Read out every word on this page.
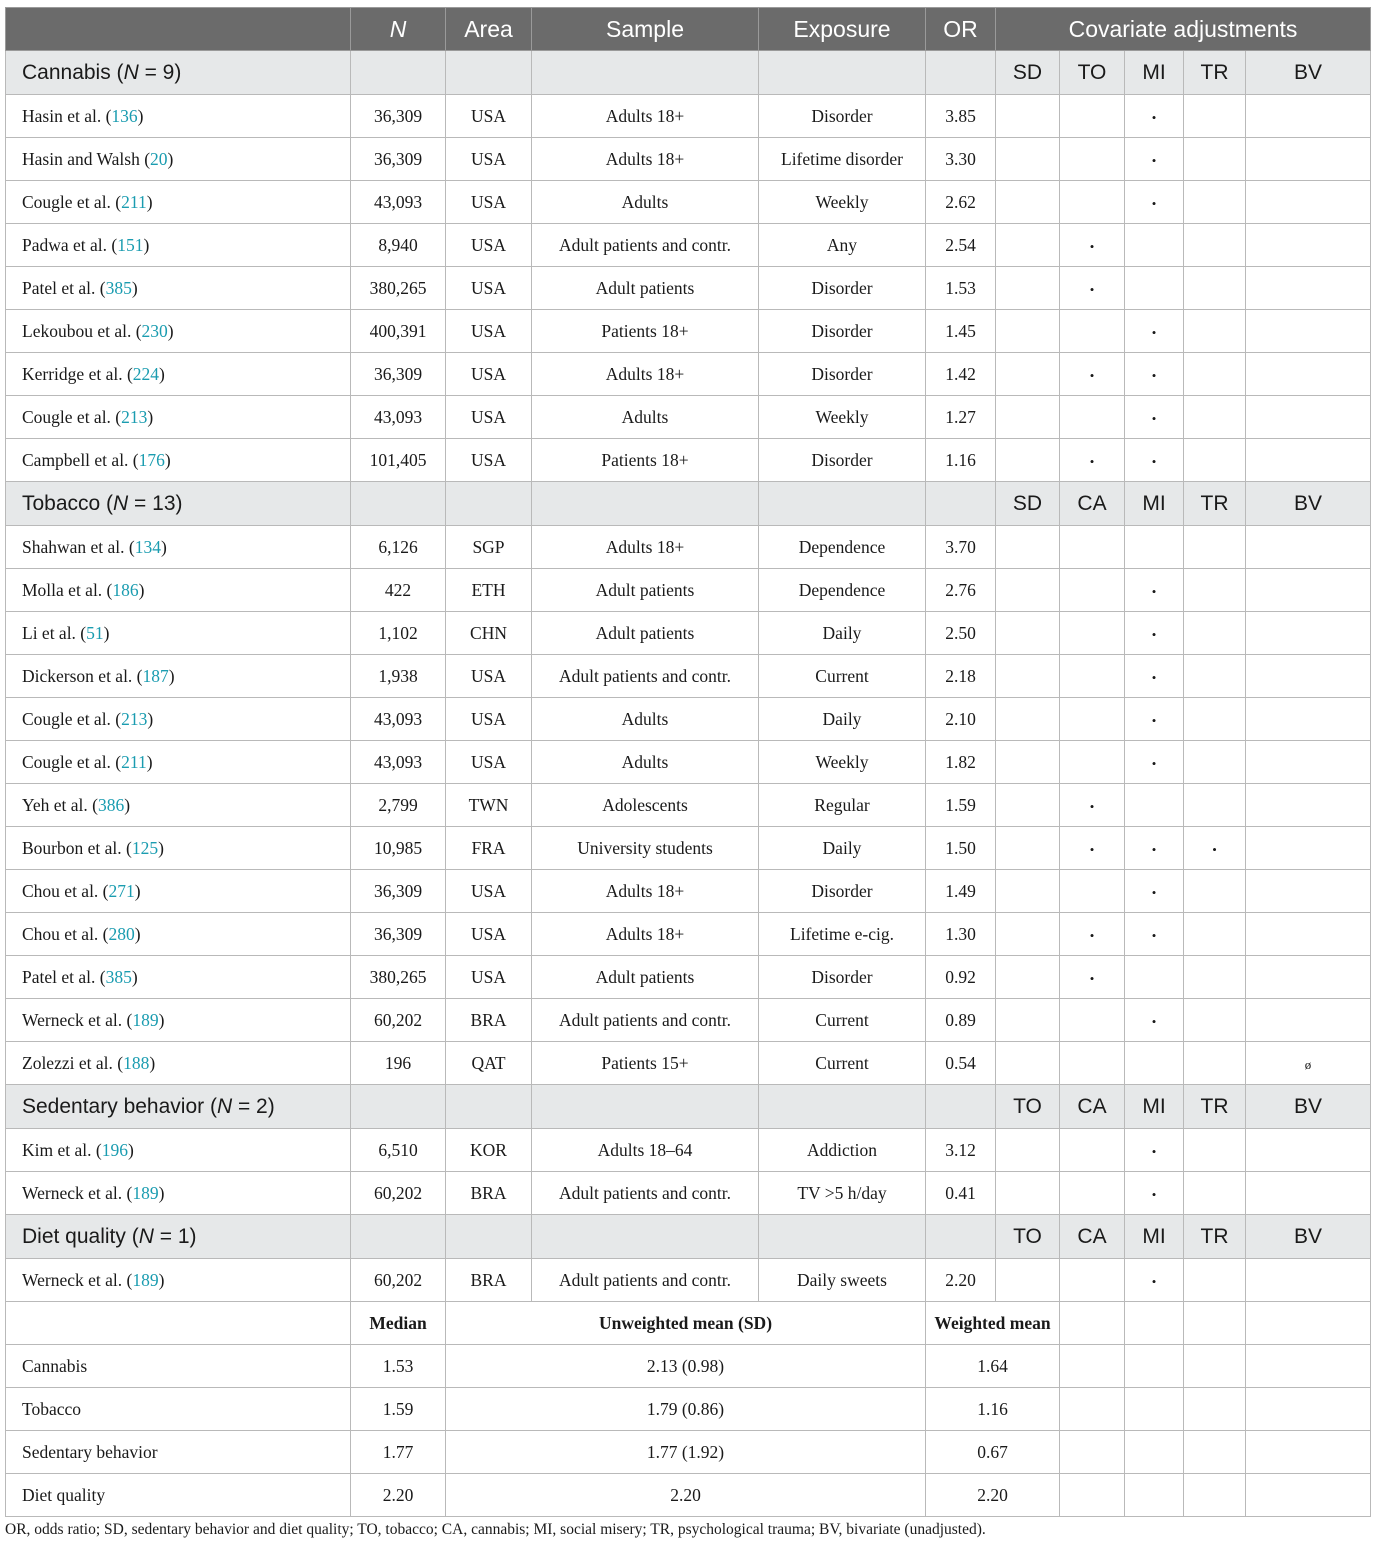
	N	Area	Sample	Exposure	OR	Covariate adjustments				
Cannabis (N = 9)						SD	TO	MI	TR	BV
Hasin et al. (136)	36,309	USA	Adults 18+	Disorder	3.85			•		
Hasin and Walsh (20)	36,309	USA	Adults 18+	Lifetime disorder	3.30			•		
Cougle et al. (211)	43,093	USA	Adults	Weekly	2.62			•		
Padwa et al. (151)	8,940	USA	Adult patients and contr.	Any	2.54		•			
Patel et al. (385)	380,265	USA	Adult patients	Disorder	1.53		•			
Lekoubou et al. (230)	400,391	USA	Patients 18+	Disorder	1.45			•		
Kerridge et al. (224)	36,309	USA	Adults 18+	Disorder	1.42		•	•		
Cougle et al. (213)	43,093	USA	Adults	Weekly	1.27			•		
Campbell et al. (176)	101,405	USA	Patients 18+	Disorder	1.16		•	•		
Tobacco (N = 13)						SD	CA	MI	TR	BV
Shahwan et al. (134)	6,126	SGP	Adults 18+	Dependence	3.70					
Molla et al. (186)	422	ETH	Adult patients	Dependence	2.76			•		
Li et al. (51)	1,102	CHN	Adult patients	Daily	2.50			•		
Dickerson et al. (187)	1,938	USA	Adult patients and contr.	Current	2.18			•		
Cougle et al. (213)	43,093	USA	Adults	Daily	2.10			•		
Cougle et al. (211)	43,093	USA	Adults	Weekly	1.82			•		
Yeh et al. (386)	2,799	TWN	Adolescents	Regular	1.59		•			
Bourbon et al. (125)	10,985	FRA	University students	Daily	1.50		•	•	•	
Chou et al. (271)	36,309	USA	Adults 18+	Disorder	1.49			•		
Chou et al. (280)	36,309	USA	Adults 18+	Lifetime e-cig.	1.30		•	•		
Patel et al. (385)	380,265	USA	Adult patients	Disorder	0.92		•			
Werneck et al. (189)	60,202	BRA	Adult patients and contr.	Current	0.89			•		
Zolezzi et al. (188)	196	QAT	Patients 15+	Current	0.54					ø
Sedentary behavior (N = 2)						TO	CA	MI	TR	BV
Kim et al. (196)	6,510	KOR	Adults 18–64	Addiction	3.12			•		
Werneck et al. (189)	60,202	BRA	Adult patients and contr.	TV >5 h/day	0.41			•		
Diet quality (N = 1)						TO	CA	MI	TR	BV
Werneck et al. (189)	60,202	BRA	Adult patients and contr.	Daily sweets	2.20			•		
	Median	Unweighted mean (SD)			Weighted mean					
Cannabis	1.53	2.13 (0.98)			1.64					
Tobacco	1.59	1.79 (0.86)			1.16					
Sedentary behavior	1.77	1.77 (1.92)			0.67					
Diet quality	2.20	2.20			2.20					
OR, odds ratio; SD, sedentary behavior and diet quality; TO, tobacco; CA, cannabis; MI, social misery; TR, psychological trauma; BV, bivariate (unadjusted).
